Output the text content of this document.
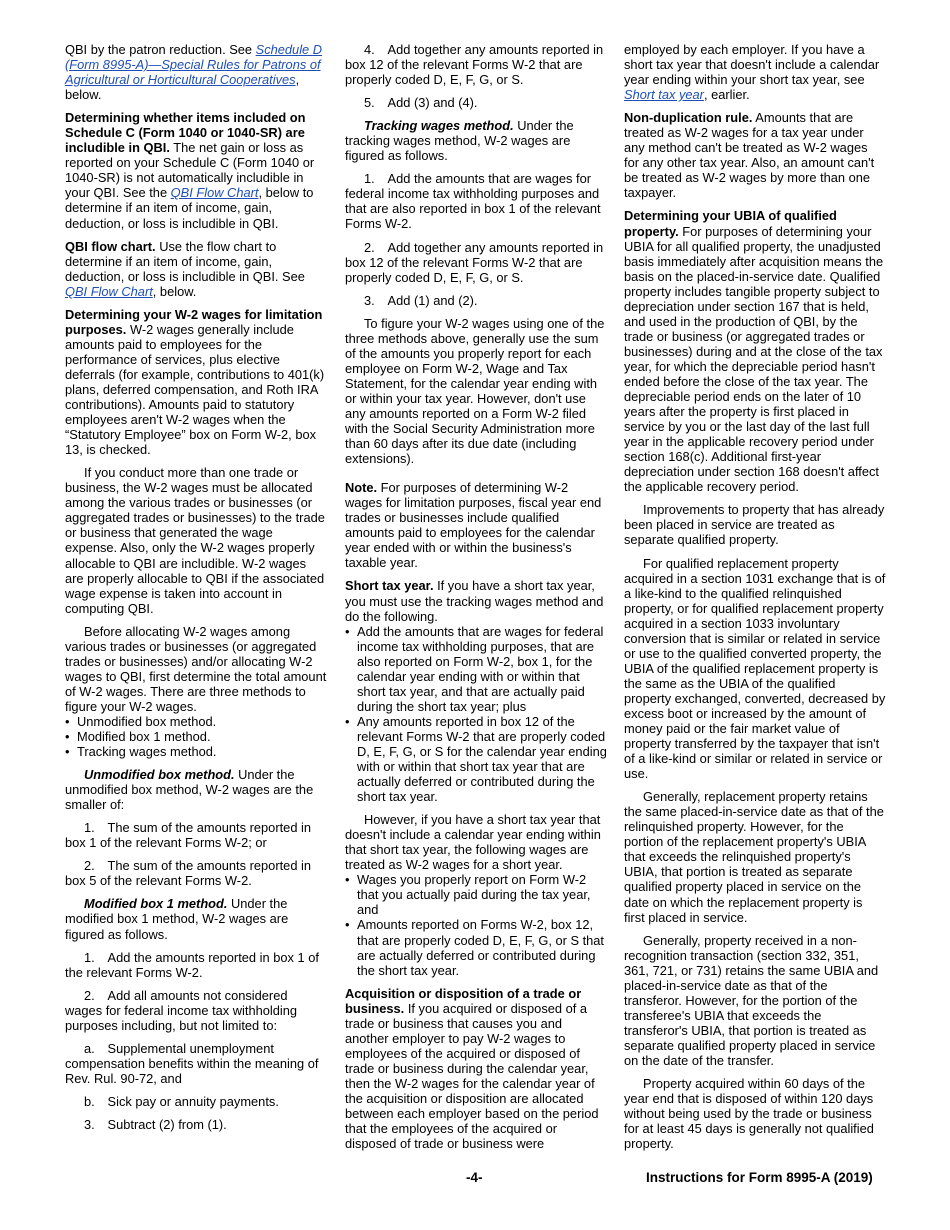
QBI by the patron reduction. See Schedule D (Form 8995-A)—Special Rules for Patrons of Agricultural or Horticultural Cooperatives, below.

Determining whether items included on Schedule C (Form 1040 or 1040-SR) are includible in QBI. The net gain or loss as reported on your Schedule C (Form 1040 or 1040-SR) is not automatically includible in your QBI. See the QBI Flow Chart, below to determine if an item of income, gain, deduction, or loss is includible in QBI.

QBI flow chart. Use the flow chart to determine if an item of income, gain, deduction, or loss is includible in QBI. See QBI Flow Chart, below.

Determining your W-2 wages for limitation purposes. W-2 wages generally include amounts paid to employees for the performance of services, plus elective deferrals (for example, contributions to 401(k) plans, deferred compensation, and Roth IRA contributions). Amounts paid to statutory employees aren't W-2 wages when the “Statutory Employee” box on Form W-2, box 13, is checked.

If you conduct more than one trade or business, the W-2 wages must be allocated among the various trades or businesses (or aggregated trades or businesses) to the trade or business that generated the wage expense. Also, only the W-2 wages properly allocable to QBI are includible. W-2 wages are properly allocable to QBI if the associated wage expense is taken into account in computing QBI.

Before allocating W-2 wages among various trades or businesses (or aggregated trades or businesses) and/or allocating W-2 wages to QBI, first determine the total amount of W-2 wages. There are three methods to figure your W-2 wages.

• Unmodified box method.
• Modified box 1 method.
• Tracking wages method.

Unmodified box method. Under the unmodified box method, W-2 wages are the smaller of:

1. The sum of the amounts reported in box 1 of the relevant Forms W-2; or

2. The sum of the amounts reported in box 5 of the relevant Forms W-2.

Modified box 1 method. Under the modified box 1 method, W-2 wages are figured as follows.

1. Add the amounts reported in box 1 of the relevant Forms W-2.

2. Add all amounts not considered wages for federal income tax withholding purposes including, but not limited to:

a. Supplemental unemployment compensation benefits within the meaning of Rev. Rul. 90-72, and

b. Sick pay or annuity payments.

3. Subtract (2) from (1).

4. Add together any amounts reported in box 12 of the relevant Forms W-2 that are properly coded D, E, F, G, or S.

5. Add (3) and (4).

Tracking wages method. Under the tracking wages method, W-2 wages are figured as follows.

1. Add the amounts that are wages for federal income tax withholding purposes and that are also reported in box 1 of the relevant Forms W-2.

2. Add together any amounts reported in box 12 of the relevant Forms W-2 that are properly coded D, E, F, G, or S.

3. Add (1) and (2).

To figure your W-2 wages using one of the three methods above, generally use the sum of the amounts you properly report for each employee on Form W-2, Wage and Tax Statement, for the calendar year ending with or within your tax year. However, don't use any amounts reported on a Form W-2 filed with the Social Security Administration more than 60 days after its due date (including extensions).

Note. For purposes of determining W-2 wages for limitation purposes, fiscal year end trades or businesses include qualified amounts paid to employees for the calendar year ended with or within the business's taxable year.

Short tax year. If you have a short tax year, you must use the tracking wages method and do the following.

• Add the amounts that are wages for federal income tax withholding purposes, that are also reported on Form W-2, box 1, for the calendar year ending with or within that short tax year, and that are actually paid during the short tax year; plus
• Any amounts reported in box 12 of the relevant Forms W-2 that are properly coded D, E, F, G, or S for the calendar year ending with or within that short tax year that are actually deferred or contributed during the short tax year.

However, if you have a short tax year that doesn't include a calendar year ending within that short tax year, the following wages are treated as W-2 wages for a short year.

• Wages you properly report on Form W-2 that you actually paid during the tax year, and
• Amounts reported on Forms W-2, box 12, that are properly coded D, E, F, G, or S that are actually deferred or contributed during the short tax year.

Acquisition or disposition of a trade or business. If you acquired or disposed of a trade or business that causes you and another employer to pay W-2 wages to employees of the acquired or disposed of trade or business during the calendar year, then the W-2 wages for the calendar year of the acquisition or disposition are allocated between each employer based on the period that the employees of the acquired or disposed of trade or business were

employed by each employer. If you have a short tax year that doesn't include a calendar year ending within your short tax year, see Short tax year, earlier.

Non-duplication rule. Amounts that are treated as W-2 wages for a tax year under any method can't be treated as W-2 wages for any other tax year. Also, an amount can't be treated as W-2 wages by more than one taxpayer.

Determining your UBIA of qualified property. For purposes of determining your UBIA for all qualified property, the unadjusted basis immediately after acquisition means the basis on the placed-in-service date. Qualified property includes tangible property subject to depreciation under section 167 that is held, and used in the production of QBI, by the trade or business (or aggregated trades or businesses) during and at the close of the tax year, for which the depreciable period hasn't ended before the close of the tax year. The depreciable period ends on the later of 10 years after the property is first placed in service by you or the last day of the last full year in the applicable recovery period under section 168(c). Additional first-year depreciation under section 168 doesn't affect the applicable recovery period.

Improvements to property that has already been placed in service are treated as separate qualified property.

For qualified replacement property acquired in a section 1031 exchange that is of a like-kind to the qualified relinquished property, or for qualified replacement property acquired in a section 1033 involuntary conversion that is similar or related in service or use to the qualified converted property, the UBIA of the qualified replacement property is the same as the UBIA of the qualified property exchanged, converted, decreased by excess boot or increased by the amount of money paid or the fair market value of property transferred by the taxpayer that isn't of a like-kind or similar or related in service or use.

Generally, replacement property retains the same placed-in-service date as that of the relinquished property. However, for the portion of the replacement property's UBIA that exceeds the relinquished property's UBIA, that portion is treated as separate qualified property placed in service on the date on which the replacement property is first placed in service.

Generally, property received in a non-recognition transaction (section 332, 351, 361, 721, or 731) retains the same UBIA and placed-in-service date as that of the transferor. However, for the portion of the transferee's UBIA that exceeds the transferor's UBIA, that portion is treated as separate qualified property placed in service on the date of the transfer.

Property acquired within 60 days of the year end that is disposed of within 120 days without being used by the trade or business for at least 45 days is generally not qualified property.

-4-	Instructions for Form 8995-A (2019)
